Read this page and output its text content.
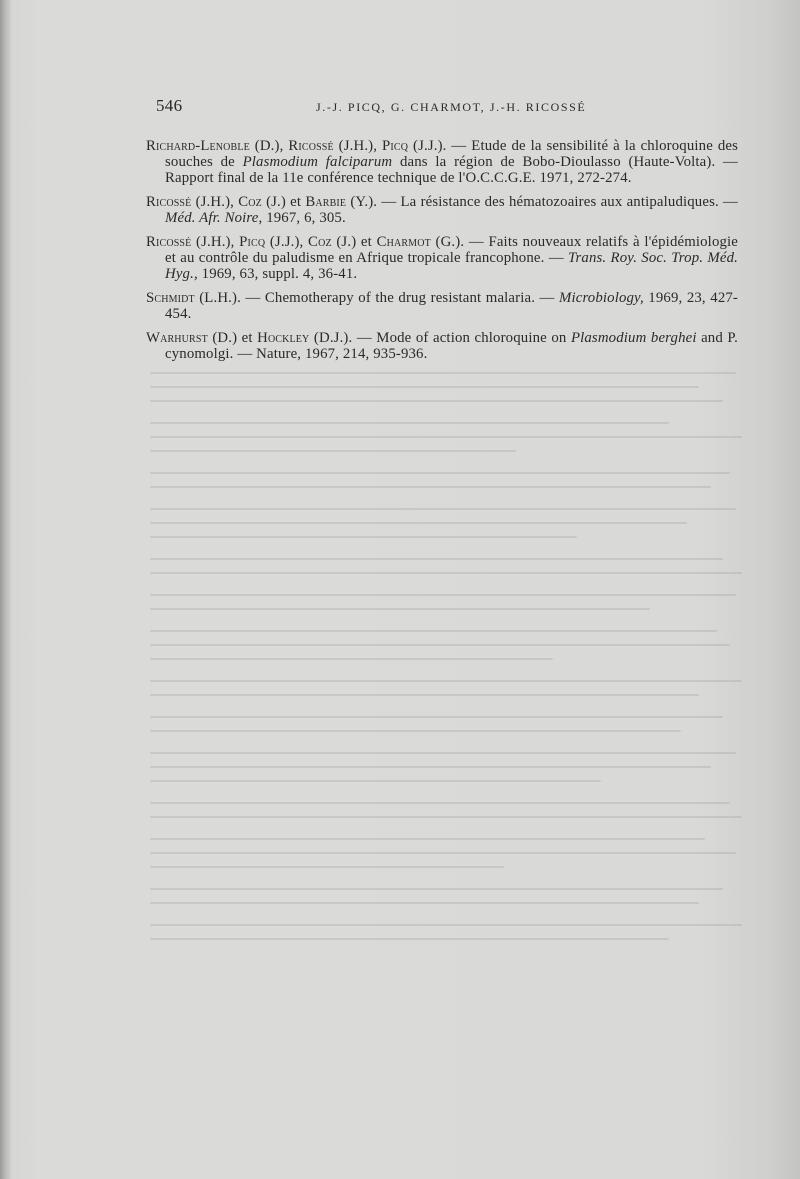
546	J.-J. PICQ, G. CHARMOT, J.-H. RICOSSÉ
Richard-Lenoble (D.), Ricossé (J.H.), Picq (J.J.). — Etude de la sensibilité à la chloroquine des souches de Plasmodium falciparum dans la région de Bobo-Dioulasso (Haute-Volta). — Rapport final de la 11e conférence technique de l'O.C.C.G.E. 1971, 272-274.
Ricossé (J.H.), Coz (J.) et Barbie (Y.). — La résistance des hématozoaires aux antipaludiques. — Méd. Afr. Noire, 1967, 6, 305.
Ricossé (J.H.), Picq (J.J.), Coz (J.) et Charmot (G.). — Faits nouveaux relatifs à l'épidémiologie et au contrôle du paludisme en Afrique tropicale francophone. — Trans. Roy. Soc. Trop. Méd. Hyg., 1969, 63, suppl. 4, 36-41.
Schmidt (L.H.). — Chemotherapy of the drug resistant malaria. — Microbiology, 1969, 23, 427-454.
Warhurst (D.) et Hockley (D.J.). — Mode of action chloroquine on Plasmodium berghei and P. cynomolgi. — Nature, 1967, 214, 935-936.
